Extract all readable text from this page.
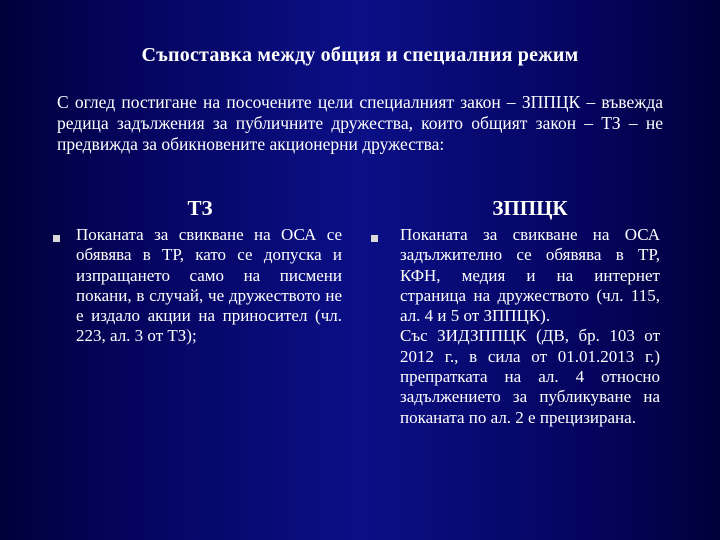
Съпоставка между общия и специалния режим
С оглед постигане на посочените цели специалният закон – ЗППЦК – въвежда редица задължения за публичните дружества, които общият закон – ТЗ – не предвижда за обикновените акционерни дружества:
ТЗ	ЗППЦК

Поканата за свикване на ОСА се обявява в ТР, като се допуска и изпращането само на писмени покани, в случай, че дружеството не е издало акции на приносител (чл. 223, ал. 3 от ТЗ);

Поканата за свикване на ОСА задължително се обявява в ТР, КФН, медия и на интернет страница на дружеството (чл. 115, ал. 4 и 5 от ЗППЦК).

Със ЗИДЗППЦК (ДВ, бр. 103 от 2012 г., в сила от 01.01.2013 г.) препратката на ал. 4 относно задължението за публикуване на поканата по ал. 2 е прецизирана.
